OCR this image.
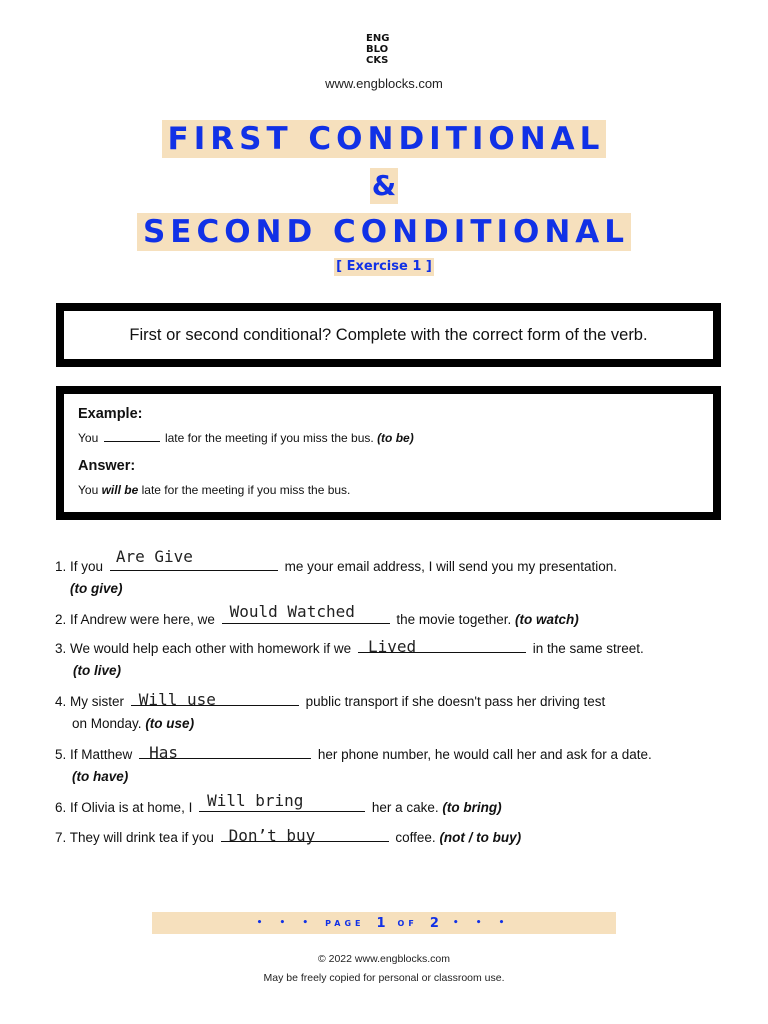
ENG
BLO
CKS
www.engblocks.com
FIRST CONDITIONAL
&
SECOND CONDITIONAL
[ Exercise 1 ]
First or second conditional? Complete with the correct form of the verb.
Example:
You	late for the meeting if you miss the bus. (to be)
Answer:
You will be late for the meeting if you miss the bus.
1. If you
Are Give
me your email address, I will send you my presentation.
(to give)
2. If Andrew were here, we Would Watched	the movie together. (to watch)
3. We would help each other with homework if we Lived	in the same street.
(to live)
4. My sister Will use	public transport if she doesn't pass her driving test
on Monday. (to use)
5. If Matthew Has	her phone number, he would call her and ask for a date.
(to have)
6. If Olivia is at home, I Will bring	her a cake. (to bring)
7. They will drink tea if you Don’t buy	coffee. (not / to buy)
• • • PAGE 1 OF 2 • • •
© 2022 www.engblocks.com
May be freely copied for personal or classroom use.
